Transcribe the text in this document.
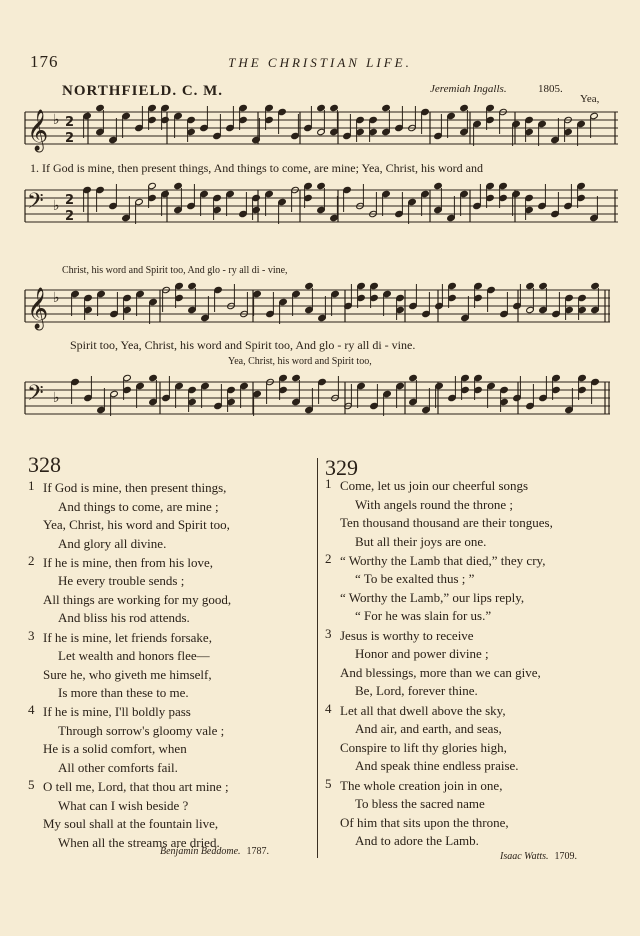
176	THE CHRISTIAN LIFE.
NORTHFIELD. C. M.	Jeremiah Ingalls.	1805.
Yea,
𝄞 ♭ 2
2
𝄢 ♭ 2
2
𝄞 ♭
𝄢 ♭
1. If God is mine, then present things, And things to come, are mine; Yea, Christ, his word and
Christ, his word and Spirit too, And glo - ry all di - vine,
Spirit too, Yea, Christ, his word and Spirit too, And glo - ry all di - vine.
Yea, Christ, his word and Spirit too,
328
1 If God is mine, then present things,
And things to come, are mine ;
Yea, Christ, his word and Spirit too,
And glory all divine.
2 If he is mine, then from his love,
He every trouble sends ;
All things are working for my good,
And bliss his rod attends.
3 If he is mine, let friends forsake,
Let wealth and honors flee—
Sure he, who giveth me himself,
Is more than these to me.
4 If he is mine, I'll boldly pass
Through sorrow's gloomy vale ;
He is a solid comfort, when
All other comforts fail.
5 O tell me, Lord, that thou art mine ;
What can I wish beside ?
My soul shall at the fountain live,
When all the streams are dried.
Benjamin Beddome. 1787.
329
1 Come, let us join our cheerful songs
With angels round the throne ;
Ten thousand thousand are their tongues,
But all their joys are one.
2 “ Worthy the Lamb that died,” they cry,
“ To be exalted thus ; ”
“ Worthy the Lamb,” our lips reply,
“ For he was slain for us.”
3 Jesus is worthy to receive
Honor and power divine ;
And blessings, more than we can give,
Be, Lord, forever thine.
4 Let all that dwell above the sky,
And air, and earth, and seas,
Conspire to lift thy glories high,
And speak thine endless praise.
5 The whole creation join in one,
To bless the sacred name
Of him that sits upon the throne,
And to adore the Lamb.
Isaac Watts. 1709.
